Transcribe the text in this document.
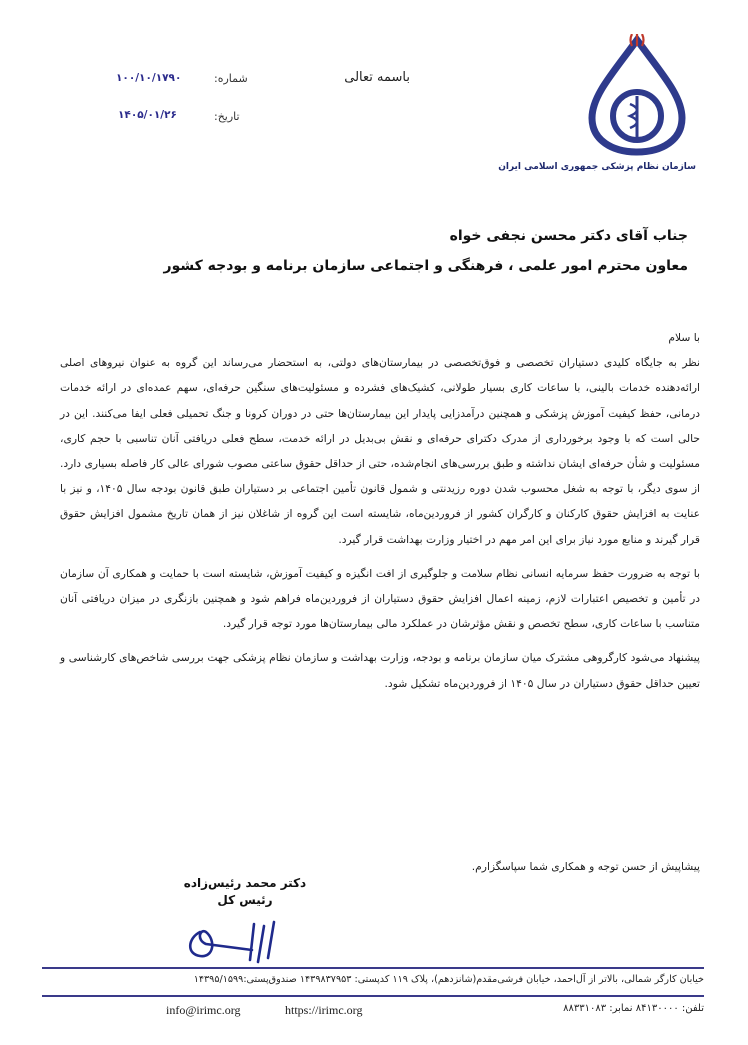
سازمان نظام پزشکی جمهوری اسلامی ایران
باسمه تعالی
شماره:
۱۰۰/۱۰/۱۷۹۰
تاریخ:
۱۴۰۵/۰۱/۲۶
جناب آقای دکتر محسن نجفی خواه
معاون محترم امور علمی ، فرهنگی و اجتماعی سازمان برنامه و بودجه کشور

با سلام

نظر به جایگاه کلیدی دستیاران تخصصی و فوق‌تخصصی در بیمارستان‌های دولتی، به استحضار می‌رساند این گروه به عنوان نیروهای اصلی ارائه‌دهنده خدمات بالینی، با ساعات کاری بسیار طولانی، کشیک‌های فشرده و مسئولیت‌های سنگین حرفه‌ای، سهم عمده‌ای در ارائه خدمات درمانی، حفظ کیفیت آموزش پزشکی و همچنین درآمدزایی پایدار این بیمارستان‌ها حتی در دوران کرونا و جنگ تحمیلی فعلی ایفا می‌کنند. این در حالی است که با وجود برخورداری از مدرک دکترای حرفه‌ای و نقش بی‌بدیل در ارائه خدمت، سطح فعلی دریافتی آنان تناسبی با حجم کاری، مسئولیت و شأن حرفه‌ای ایشان نداشته و طبق بررسی‌های انجام‌شده، حتی از حداقل حقوق ساعتی مصوب شورای عالی کار فاصله بسیاری دارد. از سوی دیگر، با توجه به شغل محسوب شدن دوره رزیدنتی و شمول قانون تأمین اجتماعی بر دستیاران طبق قانون بودجه سال ۱۴۰۵، و نیز با عنایت به افزایش حقوق کارکنان و کارگران کشور از فروردین‌ماه، شایسته است این گروه از شاغلان نیز از همان تاریخ مشمول افزایش حقوق قرار گیرند و منابع مورد نیاز برای این امر مهم در اختیار وزارت بهداشت قرار گیرد.

با توجه به ضرورت حفظ سرمایه انسانی نظام سلامت و جلوگیری از افت انگیزه و کیفیت آموزش، شایسته است با حمایت و همکاری آن سازمان در تأمین و تخصیص اعتبارات لازم، زمینه اعمال افزایش حقوق دستیاران از فروردین‌ماه فراهم شود و همچنین بازنگری در میزان دریافتی آنان متناسب با ساعات کاری، سطح تخصص و نقش مؤثرشان در عملکرد مالی بیمارستان‌ها مورد توجه قرار گیرد.

پیشنهاد می‌شود کارگروهی مشترک میان سازمان برنامه و بودجه، وزارت بهداشت و سازمان نظام پزشکی جهت بررسی شاخص‌های کارشناسی و تعیین حداقل حقوق دستیاران در سال ۱۴۰۵ از فروردین‌ماه تشکیل شود.

پیشاپیش از حسن توجه و همکاری شما سپاسگزارم.
دکتر محمد رئیس‌زاده
رئیس کل
خیابان کارگر شمالی، بالاتر از آل‌احمد، خیابان فرشی‌مقدم(شانزدهم)، پلاک ۱۱۹ کدپستی: ۱۴۳۹۸۳۷۹۵۳ صندوق‌پستی:۱۴۳۹۵/۱۵۹۹
تلفن: ۸۴۱۳۰۰۰۰ نمابر: ۸۸۳۳۱۰۸۳
https://irimc.org
info@irimc.org
